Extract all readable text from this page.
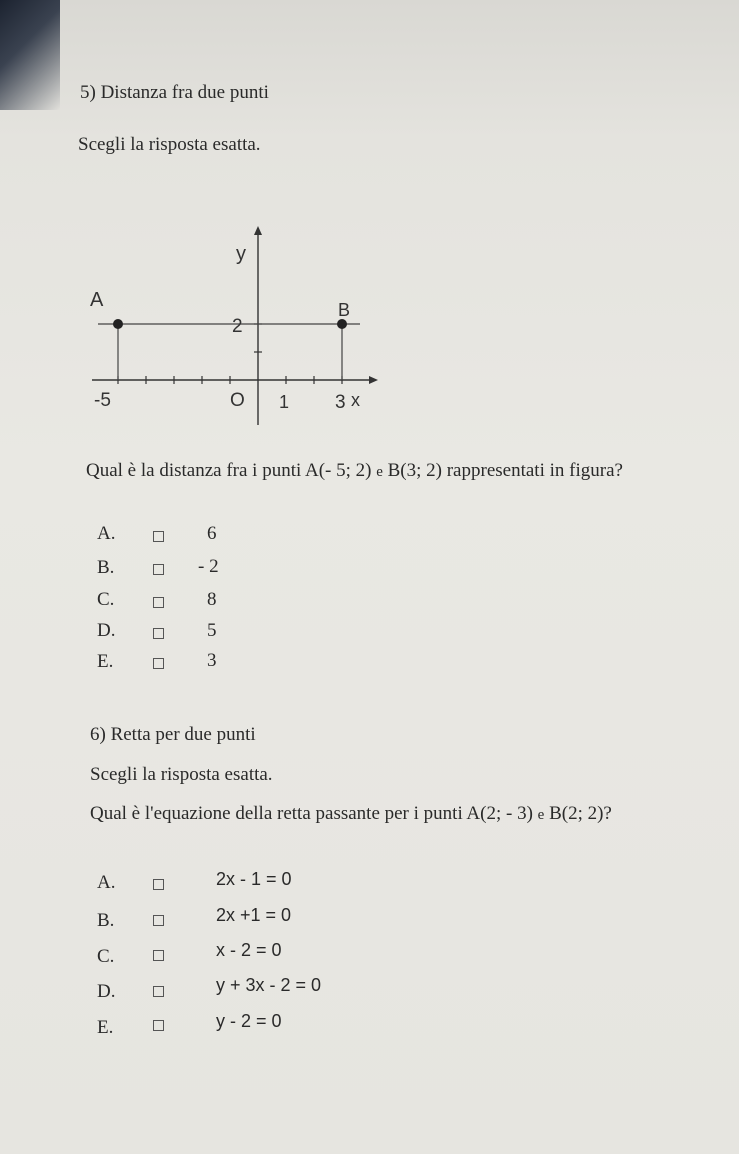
5) Distanza fra due punti
Scegli la risposta esatta.
y
A	B
2
-5	O 1 3 x
Qual è la distanza fra i punti A(- 5; 2) e B(3; 2) rappresentati in figura?
A.	6
B.	- 2
C.	8
D.	5
E.	3
6) Retta per due punti
Scegli la risposta esatta.
Qual è l'equazione della retta passante per i punti A(2; - 3) e B(2; 2)?
A.	2x - 1 = 0
B.	2x +1 = 0
C.	x - 2 = 0
D.	y + 3x - 2 = 0
E.	y - 2 = 0
